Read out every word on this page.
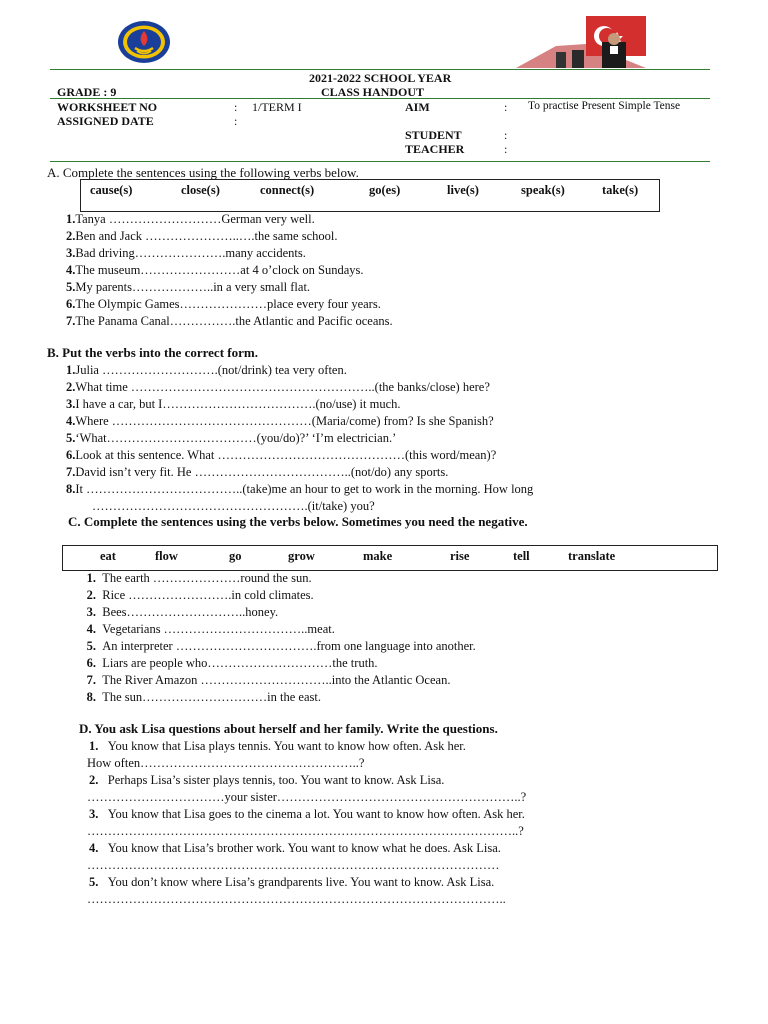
2021-2022 SCHOOL YEAR
GRADE : 9	CLASS HANDOUT
WORKSHEET NO	: 1/TERM I	AIM	: To practise Present Simple Tense
ASSIGNED DATE	:
STUDENT	:
TEACHER	:
A. Complete the sentences using the following verbs below.
cause(s)	close(s)	connect(s)	go(es)	live(s)	speak(s)	take(s)
1.Tanya ………………………German very well.
2.Ben and Jack …………………..….the same school.
3.Bad driving………………….many accidents.
4.The museum……………………at 4 o’clock on Sundays.
5.My parents………………..in a very small flat.
6.The Olympic Games…………………place every four years.
7.The Panama Canal…………….the Atlantic and Pacific oceans.
B. Put the verbs into the correct form.
1.Julia ……………………….(not/drink) tea very often.
2.What time …………………………………………………..(the banks/close) here?
3.I have a car, but I……………………………….(no/use) it much.
4.Where …………………………………………(Maria/come) from? Is she Spanish?
5.‘What………………………………(you/do)?’ ‘I’m electrician.’
6.Look at this sentence. What ………………………………………(this word/mean)?
7.David isn’t very fit. He ………………………………..(not/do) any sports.
8.It ………………………………..(take)me an hour to get to work in the morning. How long
…………………………………………….(it/take) you?
C. Complete the sentences using the verbs below. Sometimes you need the negative.
eat	flow	go	grow	make	rise	tell	translate
1. The earth …………………round the sun.
2. Rice …………………….in cold climates.
3. Bees………………………..honey.
4. Vegetarians ……………………………..meat.
5. An interpreter …………………………….from one language into another.
6. Liars are people who…………………………the truth.
7. The River Amazon …………………………..into the Atlantic Ocean.
8. The sun…………………………in the east.
D. You ask Lisa questions about herself and her family. Write the questions.
1. You know that Lisa plays tennis. You want to know how often. Ask her.
How often……………………………………………..?
2. Perhaps Lisa’s sister plays tennis, too. You want to know. Ask Lisa.
……………………………your sister…………………………………………………..?
3. You know that Lisa goes to the cinema a lot. You want to know how often. Ask her.
…………………………………………………………………………………………..?
4. You know that Lisa’s brother work. You want to know what he does. Ask Lisa.
………………………………………………………………………………………
5. You don’t know where Lisa’s grandparents live. You want to know. Ask Lisa.
………………………………………………………………………………………..
